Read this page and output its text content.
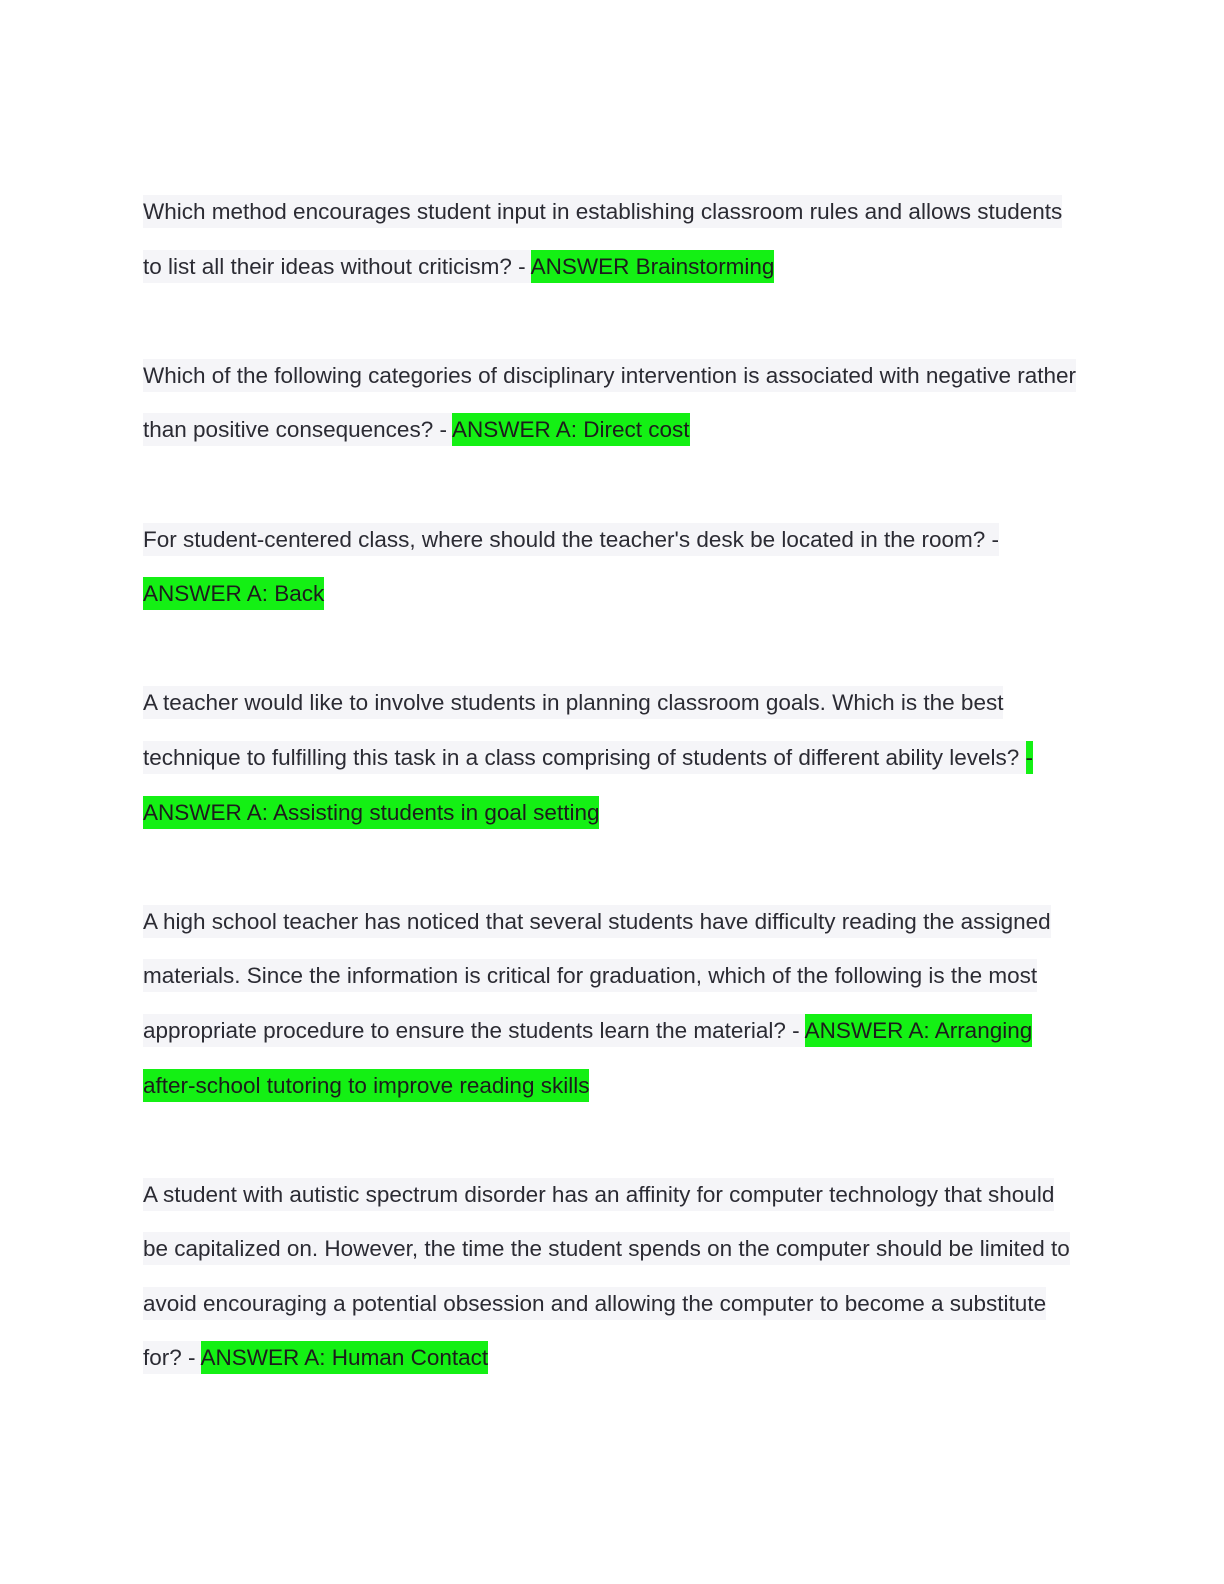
Which method encourages student input in establishing classroom rules and allows students to list all their ideas without criticism? - ANSWER Brainstorming

Which of the following categories of disciplinary intervention is associated with negative rather than positive consequences? - ANSWER A: Direct cost

For student-centered class, where should the teacher's desk be located in the room? - ANSWER A: Back

A teacher would like to involve students in planning classroom goals. Which is the best technique to fulfilling this task in a class comprising of students of different ability levels? - ANSWER A: Assisting students in goal setting

A high school teacher has noticed that several students have difficulty reading the assigned materials. Since the information is critical for graduation, which of the following is the most appropriate procedure to ensure the students learn the material? - ANSWER A: Arranging after-school tutoring to improve reading skills

A student with autistic spectrum disorder has an affinity for computer technology that should be capitalized on. However, the time the student spends on the computer should be limited to avoid encouraging a potential obsession and allowing the computer to become a substitute for? - ANSWER A: Human Contact
